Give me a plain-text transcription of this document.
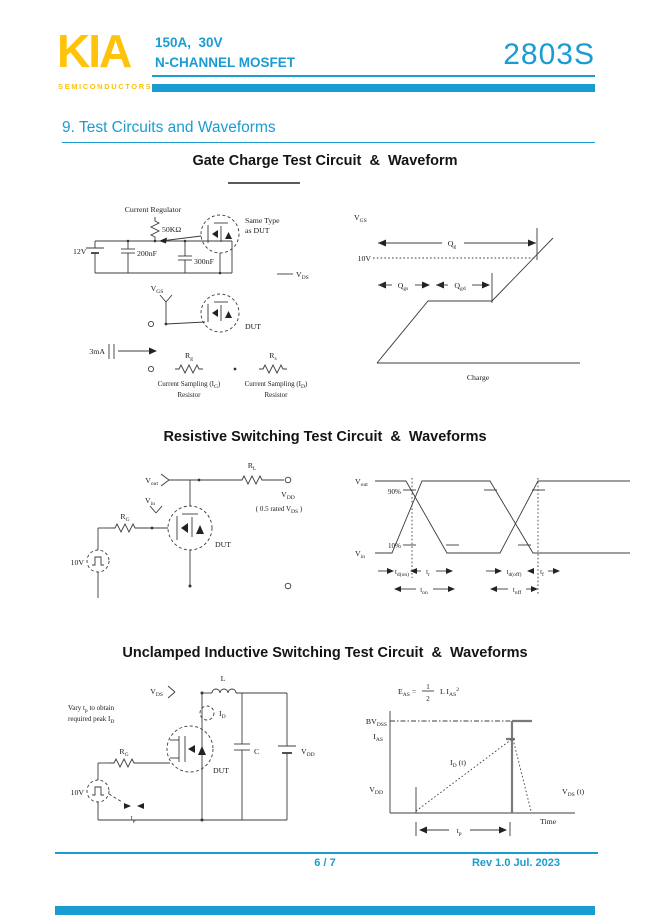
KIA
SEMICONDUCTORS
150A,  30V
N-CHANNEL MOSFET	2803S
9. Test Circuits and Waveforms
Gate Charge Test Circuit  &  Waveform
Resistive Switching Test Circuit  &  Waveforms
Unclamped Inductive Switching Test Circuit  &  Waveforms
Current Regulator
Same Type
as DUT
50KΩ
12V	200nF
300nF
$V_{DS}$
$V_{GS}$
DUT
3mA	$R_g$	$R_s$
Current Sampling $(I_G)$
Resistor
Current Sampling $(I_D)$
Resistor
$V_{GS}$
$Q_g$
10V
$Q_{gs}$	$Q_{gd}$
Charge
$V_{out}$
$R_L$
$V_{DD}$
( 0.5 rated $V_{DS}$ )
$V_{in}$
$R_G$
DUT
10V
$V_{out}$
$V_{in}$
90%
10%
$t_{d(on)}$ $t_r$	$t_{d(off)}$	$t_f$
$t_{on}$	$t_{off}$
$V_{DS}$
Vary $t_p$ to obtain
required peak $I_D$
L
$I_D$
$R_G$
DUT
10V
$t_p$
C	$V_{DD}$
$E_{AS} = 1$
2
L $I_{AS}^2$
$BV_{DSS}$
$I_{AS}$
$V_{DD}$
$I_D$ (t)
$V_{DS}$ (t)
Time
$t_p$
6 / 7	Rev 1.0 Jul. 2023
